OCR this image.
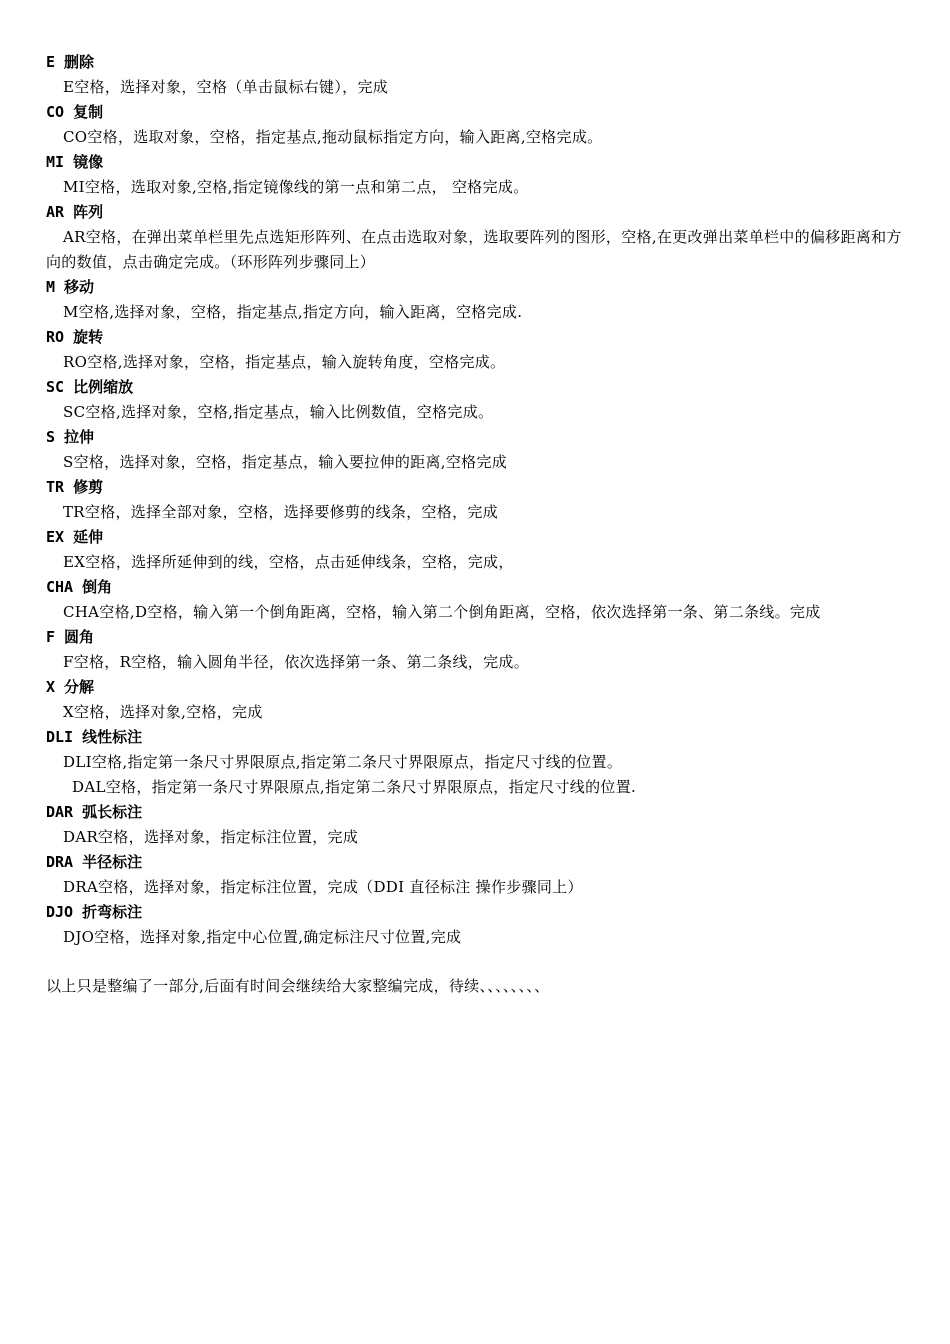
E 删除
E空格，选择对象，空格（单击鼠标右键），完成
CO 复制
CO空格，选取对象，空格，指定基点,拖动鼠标指定方向，输入距离,空格完成。
MI 镜像
MI空格，选取对象,空格,指定镜像线的第一点和第二点， 空格完成。
AR 阵列
AR空格，在弹出菜单栏里先点选矩形阵列、在点击选取对象，选取要阵列的图形，空格,在更改弹出菜单栏中的偏移距离和方向的数值，点击确定完成。（环形阵列步骤同上）
M 移动
M空格,选择对象，空格，指定基点,指定方向，输入距离，空格完成.
RO 旋转
RO空格,选择对象，空格，指定基点，输入旋转角度，空格完成。
SC 比例缩放
SC空格,选择对象，空格,指定基点，输入比例数值，空格完成。
S 拉伸
S空格，选择对象，空格，指定基点，输入要拉伸的距离,空格完成
TR 修剪
TR空格，选择全部对象，空格，选择要修剪的线条，空格，完成
EX 延伸
EX空格，选择所延伸到的线，空格，点击延伸线条，空格，完成，
CHA 倒角
CHA空格,D空格，输入第一个倒角距离，空格，输入第二个倒角距离，空格，依次选择第一条、第二条线。完成
F 圆角
F空格，R空格，输入圆角半径，依次选择第一条、第二条线，完成。
X 分解
X空格，选择对象,空格，完成
DLI 线性标注
DLI空格,指定第一条尺寸界限原点,指定第二条尺寸界限原点，指定尺寸线的位置。
DAL空格，指定第一条尺寸界限原点,指定第二条尺寸界限原点，指定尺寸线的位置.
DAR 弧长标注
DAR空格，选择对象，指定标注位置，完成
DRA 半径标注
DRA空格，选择对象，指定标注位置，完成（DDI 直径标注 操作步骤同上）
DJO 折弯标注
DJO空格，选择对象,指定中心位置,确定标注尺寸位置,完成
以上只是整编了一部分,后面有时间会继续给大家整编完成，待续、、、、、、、、
